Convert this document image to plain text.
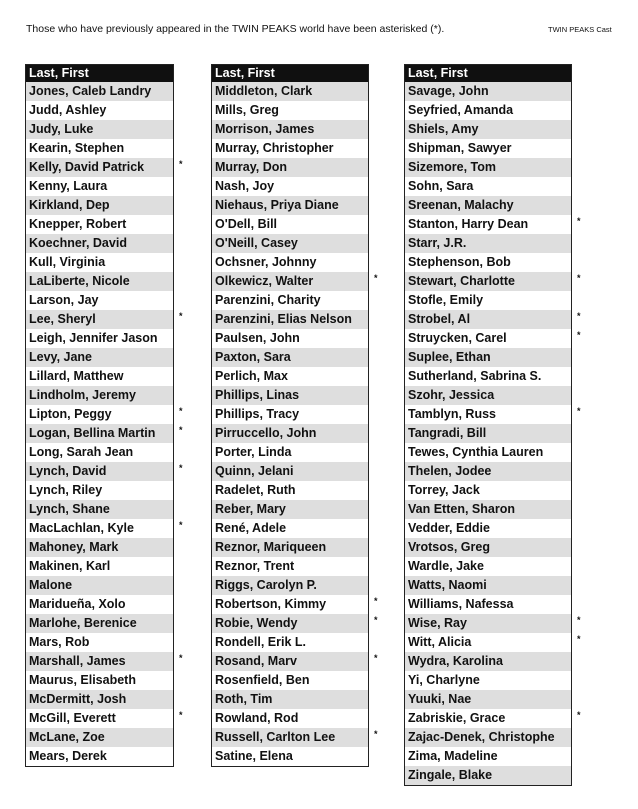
Those who have previously appeared in the TWIN PEAKS world have been asterisked (*).	TWIN PEAKS Cast
Last, First
Jones, Caleb Landry
Judd, Ashley
Judy, Luke
Kearin, Stephen
Kelly, David Patrick	*
Kenny, Laura
Kirkland, Dep
Knepper, Robert
Koechner, David
Kull, Virginia
LaLiberte, Nicole
Larson, Jay
Lee, Sheryl	*
Leigh, Jennifer Jason
Levy, Jane
Lillard, Matthew
Lindholm, Jeremy
Lipton, Peggy	*
Logan, Bellina Martin	*
Long, Sarah Jean
Lynch, David	*
Lynch, Riley
Lynch, Shane
MacLachlan, Kyle	*
Mahoney, Mark
Makinen, Karl
Malone
Maridueña, Xolo
Marlohe, Berenice
Mars, Rob
Marshall, James	*
Maurus, Elisabeth
McDermitt, Josh
McGill, Everett	*
McLane, Zoe
Mears, Derek
Last, First
Middleton, Clark
Mills, Greg
Morrison, James
Murray, Christopher
Murray, Don
Nash, Joy
Niehaus, Priya Diane
O'Dell, Bill
O'Neill, Casey
Ochsner, Johnny
Olkewicz, Walter	*
Parenzini, Charity
Parenzini, Elias Nelson
Paulsen, John
Paxton, Sara
Perlich, Max
Phillips, Linas
Phillips, Tracy
Pirruccello, John
Porter, Linda
Quinn, Jelani
Radelet, Ruth
Reber, Mary
René, Adele
Reznor, Mariqueen
Reznor, Trent
Riggs, Carolyn P.
Robertson, Kimmy	*
Robie, Wendy	*
Rondell, Erik L.
Rosand, Marv	*
Rosenfield, Ben
Roth, Tim
Rowland, Rod
Russell, Carlton Lee	*
Satine, Elena
Last, First
Savage, John
Seyfried, Amanda
Shiels, Amy
Shipman, Sawyer
Sizemore, Tom
Sohn, Sara
Sreenan, Malachy
Stanton, Harry Dean	*
Starr, J.R.
Stephenson, Bob
Stewart, Charlotte	*
Stofle, Emily
Strobel, Al	*
Struycken, Carel	*
Suplee, Ethan
Sutherland, Sabrina S.
Szohr, Jessica
Tamblyn, Russ	*
Tangradi, Bill
Tewes, Cynthia Lauren
Thelen, Jodee
Torrey, Jack
Van Etten, Sharon
Vedder, Eddie
Vrotsos, Greg
Wardle, Jake
Watts, Naomi
Williams, Nafessa
Wise, Ray	*
Witt, Alicia	*
Wydra, Karolina
Yi, Charlyne
Yuuki, Nae
Zabriskie, Grace	*
Zajac-Denek, Christophe
Zima, Madeline
Zingale, Blake
